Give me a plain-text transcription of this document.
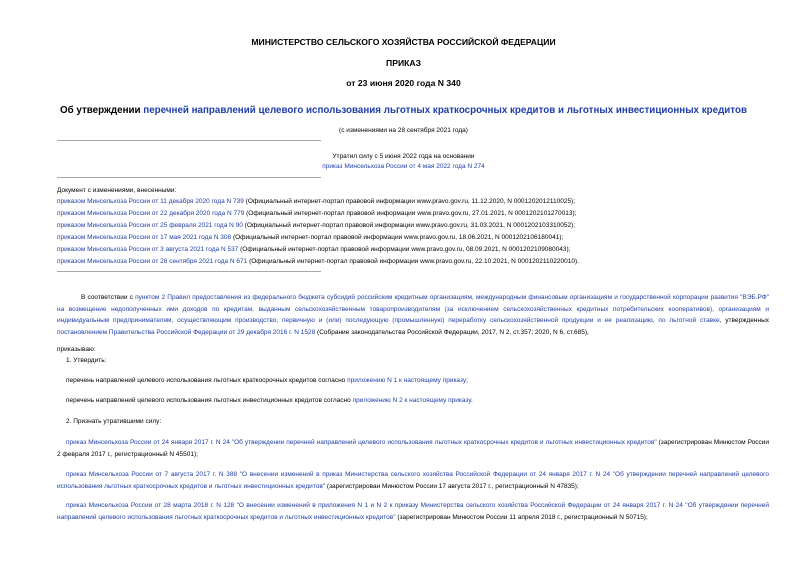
МИНИСТЕРСТВО СЕЛЬСКОГО ХОЗЯЙСТВА РОССИЙСКОЙ ФЕДЕРАЦИИ
ПРИКАЗ
от 23 июня 2020 года N 340
Об утверждении перечней направлений целевого использования льготных краткосрочных кредитов и льготных инвестиционных кредитов
(с изменениями на 28 сентября 2021 года)
Утратил силу с 5 июня 2022 года на основании
приказ Минсельхоза России от 4 мая 2022 года N 274
Документ с изменениями, внесенными:
приказом Минсельхоза России от 11 декабря 2020 года N 739 (Официальный интернет-портал правовой информации www.pravo.gov.ru, 11.12.2020, N 0001202012110025);
приказом Минсельхоза России от 22 декабря 2020 года N 779 (Официальный интернет-портал правовой информации www.pravo.gov.ru, 27.01.2021, N 0001202101270013);
приказом Минсельхоза России от 25 февраля 2021 года N 90 (Официальный интернет-портал правовой информации www.pravo.gov.ru, 31.03.2021, N 0001202103310052);
приказом Минсельхоза России от 17 мая 2021 года N 308 (Официальный интернет-портал правовой информации www.pravo.gov.ru, 18.06.2021, N 0001202106180041);
приказом Минсельхоза России от 3 августа 2021 года N 537 (Официальный интернет-портал правовой информации www.pravo.gov.ru, 08.09.2021, N 0001202109080043);
приказом Минсельхоза России от 28 сентября 2021 года N 671 (Официальный интернет-портал правовой информации www.pravo.gov.ru, 22.10.2021, N 0001202110220010).
В соответствии с пунктом 2 Правил предоставления из федерального бюджета субсидий российским кредитным организациям, международным финансовым организациям и государственной корпорации развития "ВЭБ.РФ" на возмещение недополученных ими доходов по кредитам, выданным сельскохозяйственным товаропроизводителям (за исключением сельскохозяйственных кредитных потребительских кооперативов), организациям и индивидуальным предпринимателям, осуществляющим производство, первичную и (или) последующую (промышленную) переработку сельскохозяйственной продукции и ее реализацию, по льготной ставке, утвержденных постановлением Правительства Российской Федерации от 29 декабря 2016 г. N 1528 (Собрание законодательства Российской Федерации, 2017, N 2, ст.357; 2020, N 6, ст.685),
приказываю:
1. Утвердить:
перечень направлений целевого использования льготных краткосрочных кредитов согласно приложению N 1 к настоящему приказу;
перечень направлений целевого использования льготных инвестиционных кредитов согласно приложению N 2 к настоящему приказу.
2. Признать утратившими силу:
приказ Минсельхоза России от 24 января 2017 г. N 24 "Об утверждении перечней направлений целевого использования льготных краткосрочных кредитов и льготных инвестиционных кредитов" (зарегистрирован Минюстом России 2 февраля 2017 г., регистрационный N 45501);
приказ Минсельхоза России от 7 августа 2017 г. N 388 "О внесении изменений в приказ Министерства сельского хозяйства Российской Федерации от 24 января 2017 г. N 24 "Об утверждении перечней направлений целевого использования льготных краткосрочных кредитов и льготных инвестиционных кредитов" (зарегистрирован Минюстом России 17 августа 2017 г., регистрационный N 47835);
приказ Минсельхоза России от 28 марта 2018 г. N 128 "О внесении изменений в приложения N 1 и N 2 к приказу Министерства сельского хозяйства Российской Федерации от 24 января 2017 г. N 24 "Об утверждении перечней направлений целевого использования льготных краткосрочных кредитов и льготных инвестиционных кредитов" (зарегистрирован Минюстом России 11 апреля 2018 г., регистрационный N 50715);
